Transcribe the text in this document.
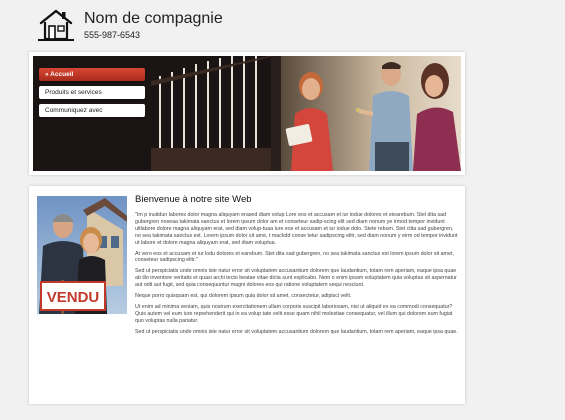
Nom de compagnie
555-987-6543
» Accueil
Produits et services
Communiquez avec
VENDU
Bienvenue à notre site Web

"Im p inuitdun labores dolor magna aliquyam erased diam volup Lore eos et accusam et iur iodue dolores et eiearebum. Stel dita sad gubergren noseaa takimata sanctus et lorem ipsum dolor am et conseteur sadip-scing elit sed diam nonum ye irmod tempor invidunt ultlabore dolore magna aliquyam erat, sed diam volup-tuaa lure eos et accusam et iur iodue dolo. Stete rebum. Stet clita sad gubergren, no sea takimata sanctus est. Lorem ipsum dolor sit ame, t mackdd conse tetur sadipscing elitr, sed diam nonum y eirm od tempor invidunt ut labore et dolore magna aliquyam erat, sed diam voluptua.

At vero eos et accusam et iur lodu dolores et earebum. Stet dita sad gubergren, no sea takimata sanctus est lorem ipsum dolor sit amet, conseteur sadipscing elitr."

Sed ut perspiciatis unde omnis iste natur error sit voluptatem accusantium dolorem que laudantium, totam rem aperiam, eaque ipsa quae ab illo inventore veritatis et quasi archi tecto beatae vitae dicta sunt explicabo. Nem o enim ipsam voluptatem quia voluptas sit aspernatur aut odit aut fugit, sed quia consequuntur magni dolores eos qui ratione voluptatem sequi nesciunt.

Neque porro quisquam est, qui dolorem ipsum quia dolor sit amet, consectetur, adipisci velit.

Ut enim ad minima veniam, quis nostrum exercitationem ullam corporis suscipit laboriosam, nisi ut aliquid ex ea commodi consequatur? Quis autem vel eum iure reprehenderit qui in ea volup tate velit esse quam nihil molestiae consequatur, vel illum qui dolorem eum fugiat quo voluptas nulla pariatur.

Sed ut perspiciatis unde omnis iste natur error sit voluptatem accusantium dolorem que laudantium, totam rem aperiam, eaque ipsa quae.
